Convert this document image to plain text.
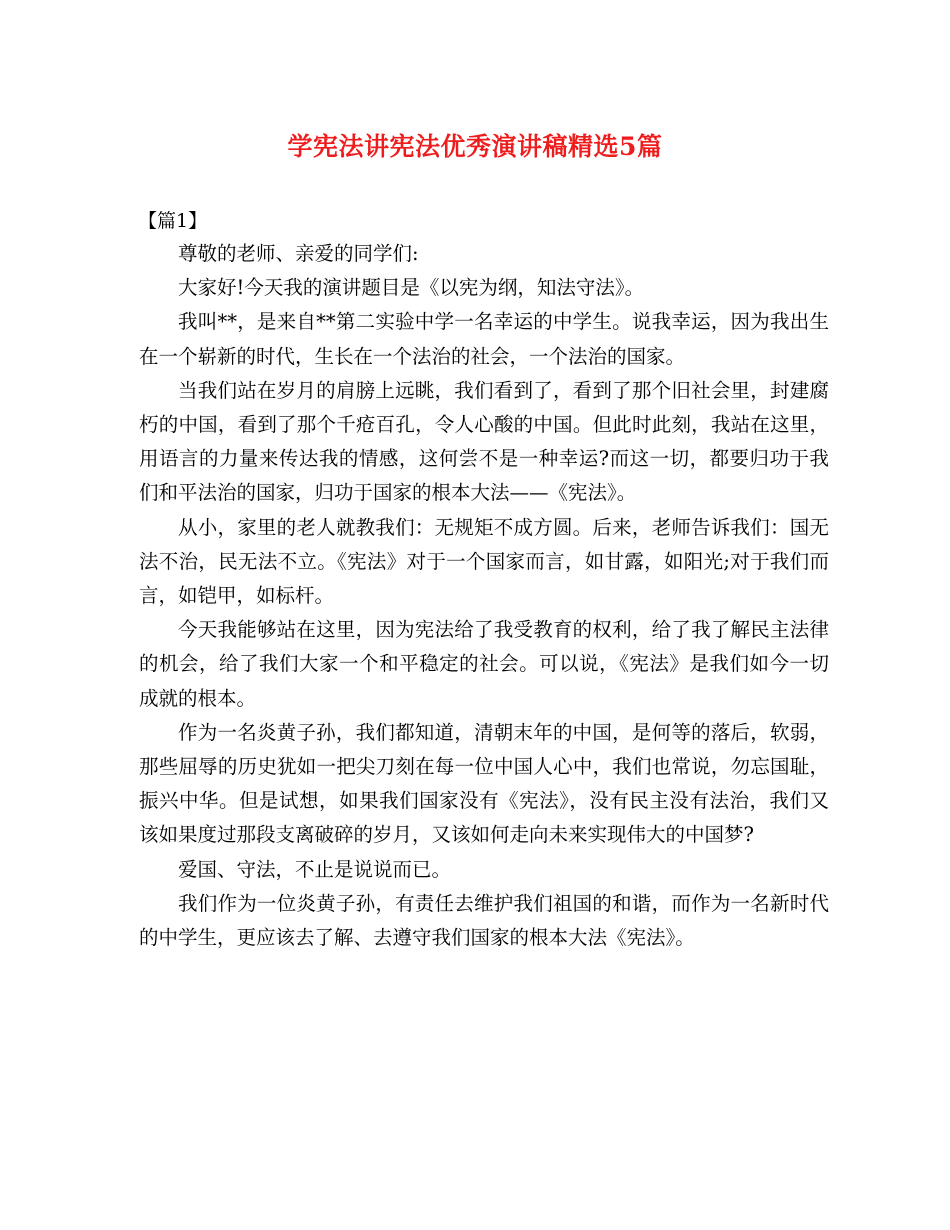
学宪法讲宪法优秀演讲稿精选5篇
【篇1】

尊敬的老师、亲爱的同学们:

大家好!今天我的演讲题目是《以宪为纲，知法守法》。

我叫**，是来自**第二实验中学一名幸运的中学生。说我幸运，因为我出生在一个崭新的时代，生长在一个法治的社会，一个法治的国家。

当我们站在岁月的肩膀上远眺，我们看到了，看到了那个旧社会里，封建腐朽的中国，看到了那个千疮百孔，令人心酸的中国。但此时此刻，我站在这里，用语言的力量来传达我的情感，这何尝不是一种幸运?而这一切，都要归功于我们和平法治的国家，归功于国家的根本大法——《宪法》。

从小，家里的老人就教我们：无规矩不成方圆。后来，老师告诉我们：国无法不治，民无法不立。《宪法》对于一个国家而言，如甘露，如阳光;对于我们而言，如铠甲，如标杆。

今天我能够站在这里，因为宪法给了我受教育的权利，给了我了解民主法律的机会，给了我们大家一个和平稳定的社会。可以说，《宪法》是我们如今一切成就的根本。

作为一名炎黄子孙，我们都知道，清朝末年的中国，是何等的落后，软弱，那些屈辱的历史犹如一把尖刀刻在每一位中国人心中，我们也常说，勿忘国耻，振兴中华。但是试想，如果我们国家没有《宪法》，没有民主没有法治，我们又该如果度过那段支离破碎的岁月，又该如何走向未来实现伟大的中国梦?

爱国、守法，不止是说说而已。

我们作为一位炎黄子孙，有责任去维护我们祖国的和谐，而作为一名新时代的中学生，更应该去了解、去遵守我们国家的根本大法《宪法》。
